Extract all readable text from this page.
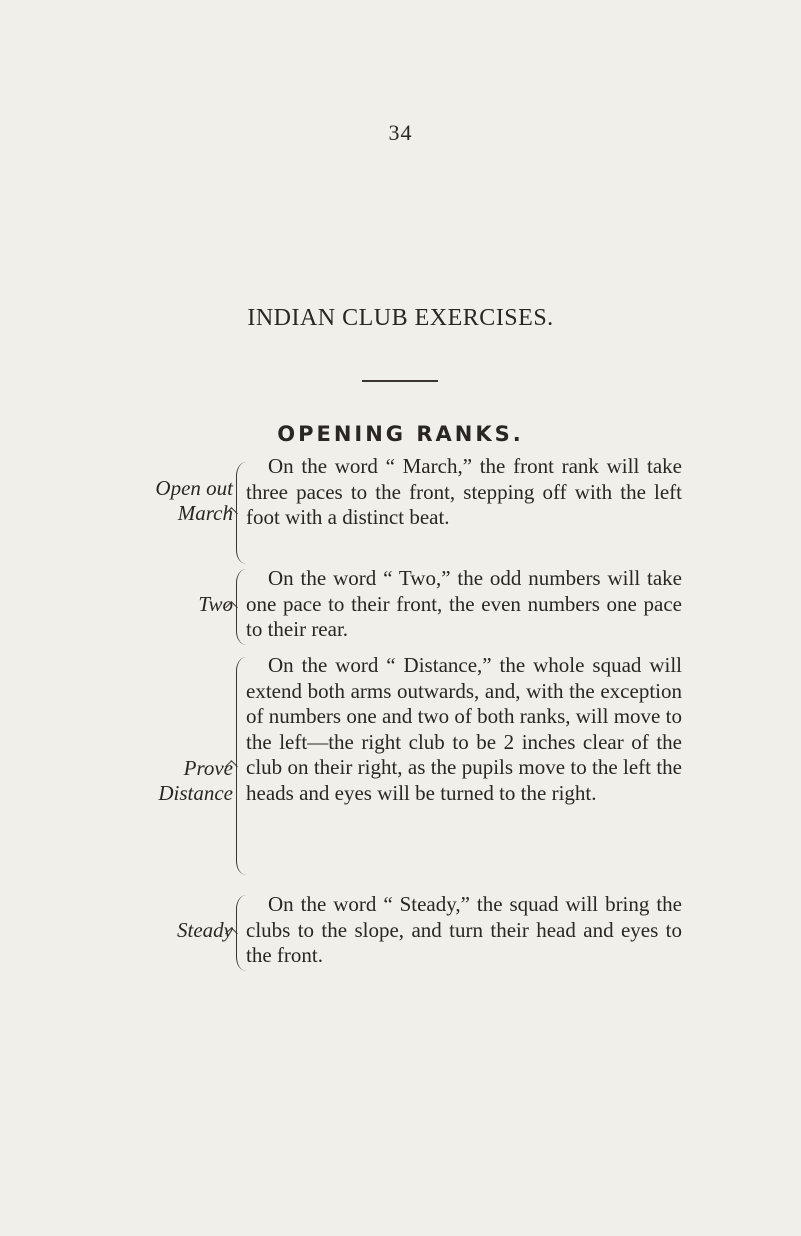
34
INDIAN CLUB EXERCISES.
OPENING RANKS.
Open out
March
On the word “ March,” the front rank will take three paces to the front, stepping off with the left foot with a distinct beat.
Two
On the word “ Two,” the odd numbers will take one pace to their front, the even numbers one pace to their rear.
Prove
Distance
On the word “ Distance,” the whole squad will extend both arms outwards, and, with the exception of numbers one and two of both ranks, will move to the left—the right club to be 2 inches clear of the club on their right, as the pupils move to the left the heads and eyes will be turned to the right.
Steady
On the word “ Steady,” the squad will bring the clubs to the slope, and turn their head and eyes to the front.
